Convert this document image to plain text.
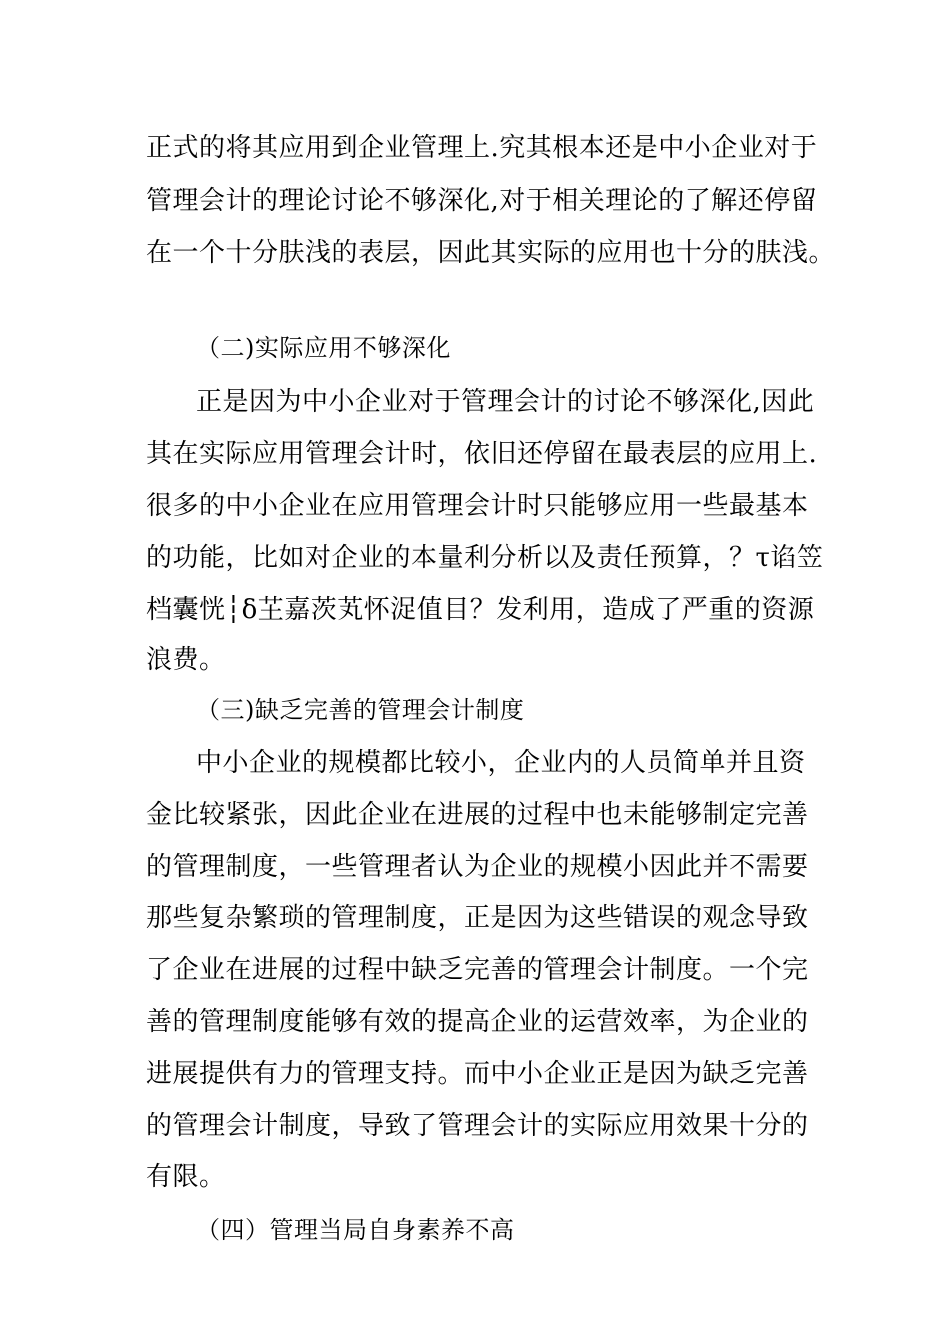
正式的将其应用到企业管理上.究其根本还是中小企业对于
管理会计的理论讨论不够深化,对于相关理论的了解还停留
在一个十分肤浅的表层，因此其实际的应用也十分的肤浅。
（二)实际应用不够深化
正是因为中小企业对于管理会计的讨论不够深化,因此
其在实际应用管理会计时，依旧还停留在最表层的应用上.
很多的中小企业在应用管理会计时只能够应用一些最基本
的功能，比如对企业的本量利分析以及责任预算，？τ谄笠
档囊恍┆δ芏嘉茨芄怀浞值目？发利用，造成了严重的资源
浪费。
（三)缺乏完善的管理会计制度
中小企业的规模都比较小，企业内的人员简单并且资
金比较紧张，因此企业在进展的过程中也未能够制定完善
的管理制度，一些管理者认为企业的规模小因此并不需要
那些复杂繁琐的管理制度，正是因为这些错误的观念导致
了企业在进展的过程中缺乏完善的管理会计制度。一个完
善的管理制度能够有效的提高企业的运营效率，为企业的
进展提供有力的管理支持。而中小企业正是因为缺乏完善
的管理会计制度，导致了管理会计的实际应用效果十分的
有限。
（四）管理当局自身素养不高
